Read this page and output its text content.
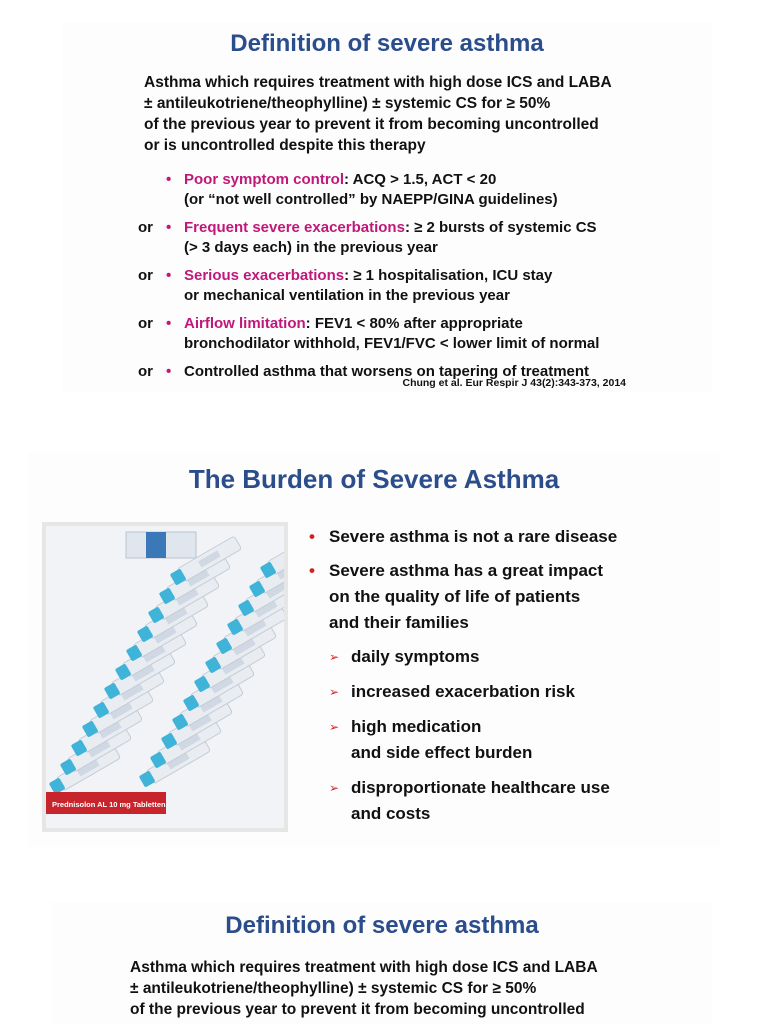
Definition of severe asthma
Asthma which requires treatment with high dose ICS and LABA
± antileukotriene/theophylline) ± systemic CS for ≥ 50%
of the previous year to prevent it from becoming uncontrolled
or is uncontrolled despite this therapy
• Poor symptom control: ACQ > 1.5, ACT < 20
(or “not well controlled” by NAEPP/GINA guidelines)
or • Frequent severe exacerbations: ≥ 2 bursts of systemic CS
(> 3 days each) in the previous year
or • Serious exacerbations: ≥ 1 hospitalisation, ICU stay
or mechanical ventilation in the previous year
or • Airflow limitation: FEV1 < 80% after appropriate
bronchodilator withhold, FEV1/FVC < lower limit of normal
or • Controlled asthma that worsens on tapering of treatment
Chung et al. Eur Respir J 43(2):343-373, 2014
The Burden of Severe Asthma
Prednisolon AL 10 mg Tabletten
• Severe asthma is not a rare disease
• Severe asthma has a great impact
on the quality of life of patients
and their families
➢ daily symptoms
➢ increased exacerbation risk
➢ high medication
and side effect burden
➢ disproportionate healthcare use
and costs
Definition of severe asthma
Asthma which requires treatment with high dose ICS and LABA
± antileukotriene/theophylline) ± systemic CS for ≥ 50%
of the previous year to prevent it from becoming uncontrolled
